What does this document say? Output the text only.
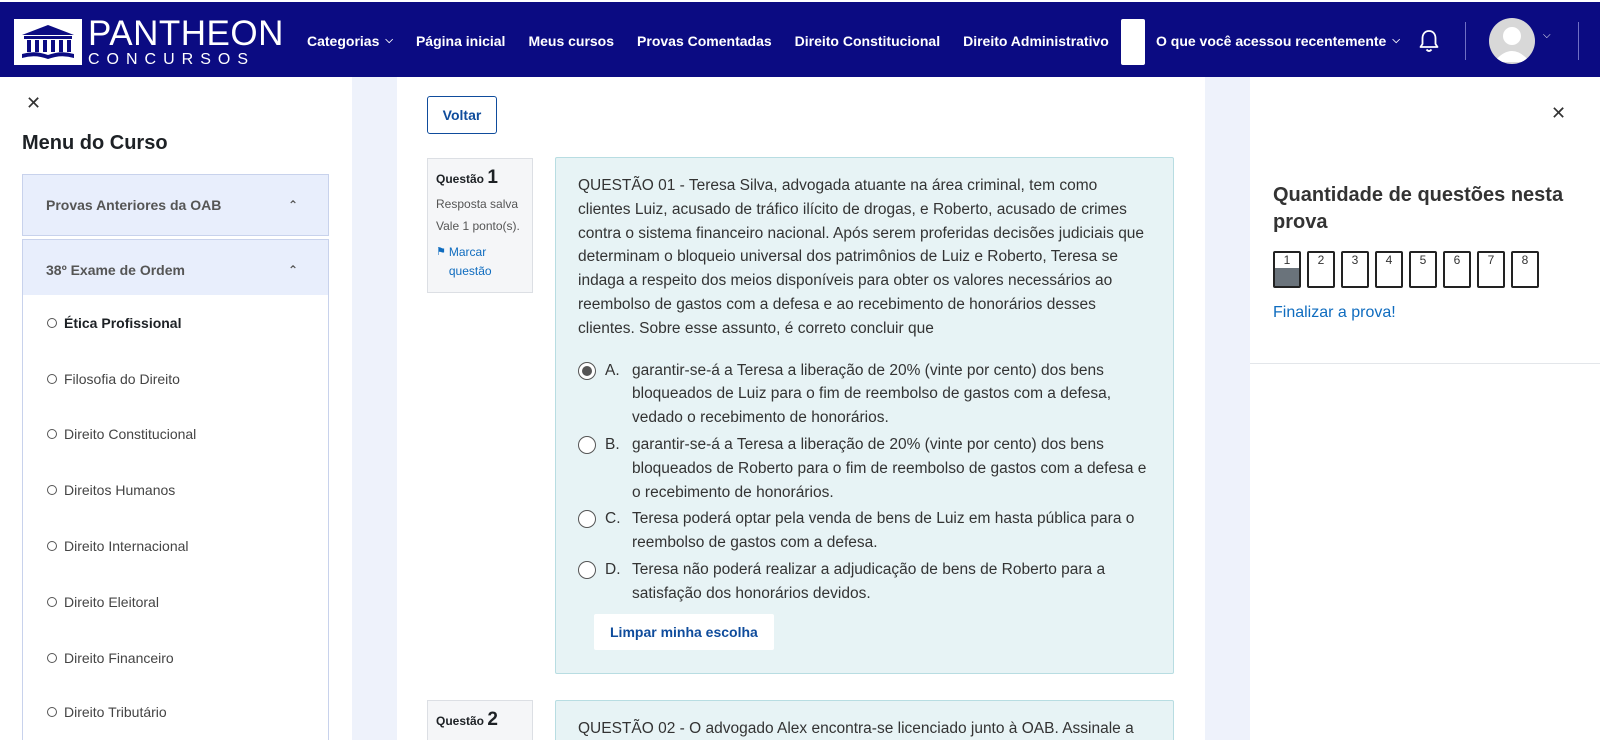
PANTHEON
CONCURSOS
Categorias ⌵ Página inicial Meus cursos Provas Comentadas Direito Constitucional Direito Administrativo	O que você acessou recentemente ⌵	⌵
✕
Menu do Curso
Provas Anteriores da OAB	⌃
38º Exame de Ordem	⌃
Ética Profissional
Filosofia do Direito
Direito Constitucional
Direitos Humanos
Direito Internacional
Direito Eleitoral
Direito Financeiro
Direito Tributário
Voltar
Questão 1
Resposta salva
Vale 1 ponto(s).
⚑ Marcar questão
QUESTÃO 01 - Teresa Silva, advogada atuante na área criminal, tem como clientes Luiz, acusado de tráfico ilícito de drogas, e Roberto, acusado de crimes contra o sistema financeiro nacional. Após serem proferidas decisões judiciais que determinam o bloqueio universal dos patrimônios de Luiz e Roberto, Teresa se indaga a respeito dos meios disponíveis para obter os valores necessários ao reembolso de gastos com a defesa e ao recebimento de honorários desses clientes. Sobre esse assunto, é correto concluir que
A. garantir-se-á a Teresa a liberação de 20% (vinte por cento) dos bens bloqueados de Luiz para o fim de reembolso de gastos com a defesa, vedado o recebimento de honorários.
B. garantir-se-á a Teresa a liberação de 20% (vinte por cento) dos bens bloqueados de Roberto para o fim de reembolso de gastos com a defesa e o recebimento de honorários.
C. Teresa poderá optar pela venda de bens de Luiz em hasta pública para o reembolso de gastos com a defesa.
D. Teresa não poderá realizar a adjudicação de bens de Roberto para a satisfação dos honorários devidos.
Limpar minha escolha
Questão 2	QUESTÃO 02 - O advogado Alex encontra-se licenciado junto à OAB. Assinale a
✕
Quantidade de questões nesta prova
1	2	3	4	5	6	7	8
Finalizar a prova!
